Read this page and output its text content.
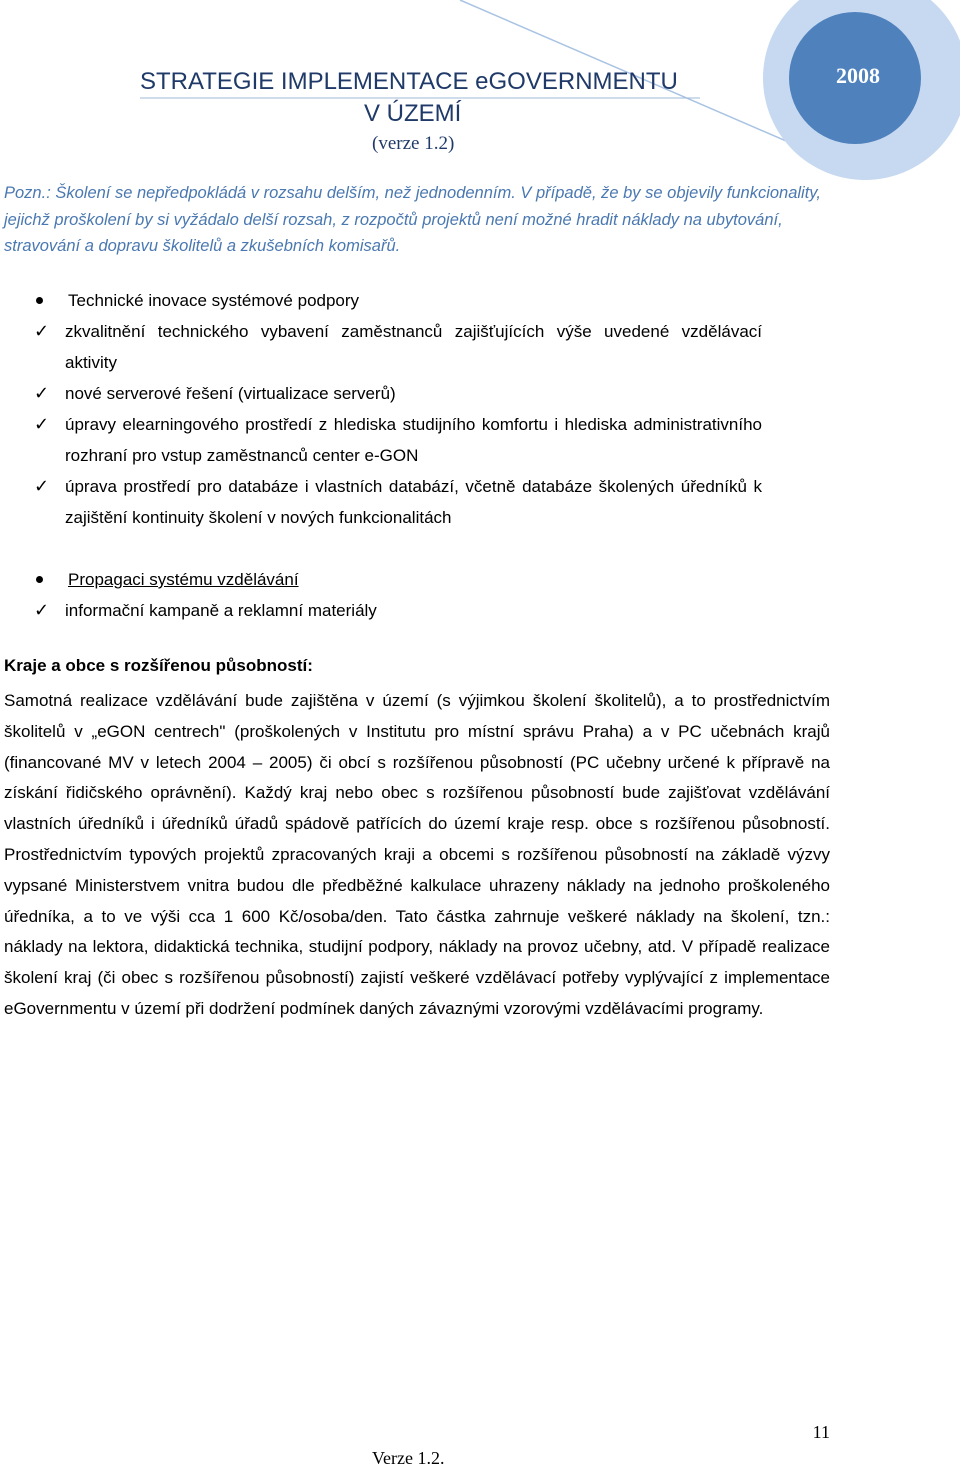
STRATEGIE IMPLEMENTACE eGOVERNMENTU
V ÚZEMÍ
(verze 1.2)
2008
Pozn.: Školení se nepředpokládá v rozsahu delším, než jednodenním. V případě, že by se objevily funkcionality, jejichž proškolení by si vyžádalo delší rozsah, z rozpočtů projektů není možné hradit náklady na ubytování, stravování a dopravu školitelů a zkušebních komisařů.
Technické inovace systémové podpory
✓ zkvalitnění technického vybavení zaměstnanců zajišťujících výše uvedené vzdělávací aktivity
✓ nové serverové řešení (virtualizace serverů)
✓ úpravy elearningového prostředí z hlediska studijního komfortu i hlediska administrativního rozhraní pro vstup zaměstnanců center e-GON
✓ úprava prostředí pro databáze i vlastních databází, včetně databáze školených úředníků k zajištění kontinuity školení v nových funkcionalitách
Propagaci systému vzdělávání
✓ informační kampaně a reklamní materiály
Kraje a obce s rozšířenou působností:
Samotná realizace vzdělávání bude zajištěna v území (s výjimkou školení školitelů), a to prostřednictvím školitelů v „eGON centrech" (proškolených v Institutu pro místní správu Praha) a v PC učebnách krajů (financované MV v letech 2004 – 2005) či obcí s rozšířenou působností (PC učebny určené k přípravě na získání řidičského oprávnění). Každý kraj nebo obec s rozšířenou působností bude zajišťovat vzdělávání vlastních úředníků i úředníků úřadů spádově patřících do území kraje resp. obce s rozšířenou působností. Prostřednictvím typových projektů zpracovaných kraji a obcemi s rozšířenou působností na základě výzvy vypsané Ministerstvem vnitra budou dle předběžné kalkulace uhrazeny náklady na jednoho proškoleného úředníka, a to ve výši cca 1 600 Kč/osoba/den. Tato částka zahrnuje veškeré náklady na školení, tzn.: náklady na lektora, didaktická technika, studijní podpory, náklady na provoz učebny, atd. V případě realizace školení kraj (či obec s rozšířenou působností) zajistí veškeré vzdělávací potřeby vyplývající z implementace eGovernmentu v území při dodržení podmínek daných závaznými vzorovými vzdělávacími programy.
11
Verze 1.2.
